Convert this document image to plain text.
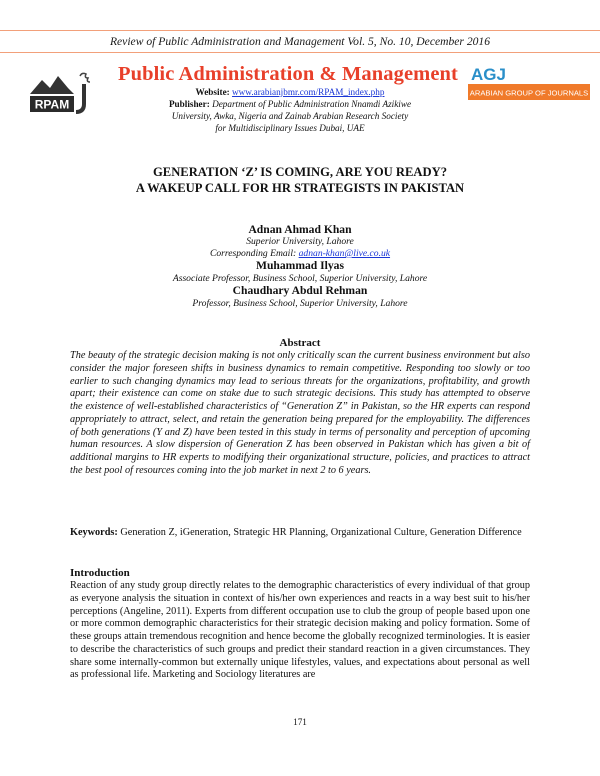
Review of Public Administration and Management Vol. 5, No. 10, December 2016
RPAM
Public Administration & Management AGJ
ARABIAN GROUP OF JOURNALS
Website: www.arabianjbmr.com/RPAM_index.php
Publisher: Department of Public Administration Nnamdi Azikiwe
University, Awka, Nigeria and Zainab Arabian Research Society
for Multidisciplinary Issues Dubai, UAE
GENERATION ‘Z’ IS COMING, ARE YOU READY?
A WAKEUP CALL FOR HR STRATEGISTS IN PAKISTAN
Adnan Ahmad Khan
Superior University, Lahore
Corresponding Email: adnan-khan@live.co.uk
Muhammad Ilyas
Associate Professor, Business School, Superior University, Lahore
Chaudhary Abdul Rehman
Professor, Business School, Superior University, Lahore
Abstract
The beauty of the strategic decision making is not only critically scan the current business environment but also consider the major foreseen shifts in business dynamics to remain competitive. Responding too slowly or too earlier to such changing dynamics may lead to serious threats for the organizations, profitability, and growth apart; their existence can come on stake due to such strategic decisions. This study has attempted to observe the existence of well-established characteristics of “Generation Z” in Pakistan, so the HR experts can respond appropriately to attract, select, and retain the generation being prepared for the employability. The differences of both generations (Y and Z) have been tested in this study in terms of personality and perception of upcoming human resources. A slow dispersion of Generation Z has been observed in Pakistan which has given a bit of additional margins to HR experts to modifying their organizational structure, policies, and practices to attract the best pool of resources coming into the job market in next 2 to 6 years.
Keywords: Generation Z, iGeneration, Strategic HR Planning, Organizational Culture, Generation Difference
Introduction
Reaction of any study group directly relates to the demographic characteristics of every individual of that group as everyone analysis the situation in context of his/her own experiences and reacts in a way best suit to his/her perceptions (Angeline, 2011). Experts from different occupation use to club the group of people based upon one or more common demographic characteristics for their strategic decision making and policy formation. Some of these groups attain tremendous recognition and hence become the globally recognized terminologies. It is easier to describe the characteristics of such groups and predict their standard reaction in a given circumstances. They share some internally-common but externally unique lifestyles, values, and expectations about personal as well as professional life. Marketing and Sociology literatures are
171
